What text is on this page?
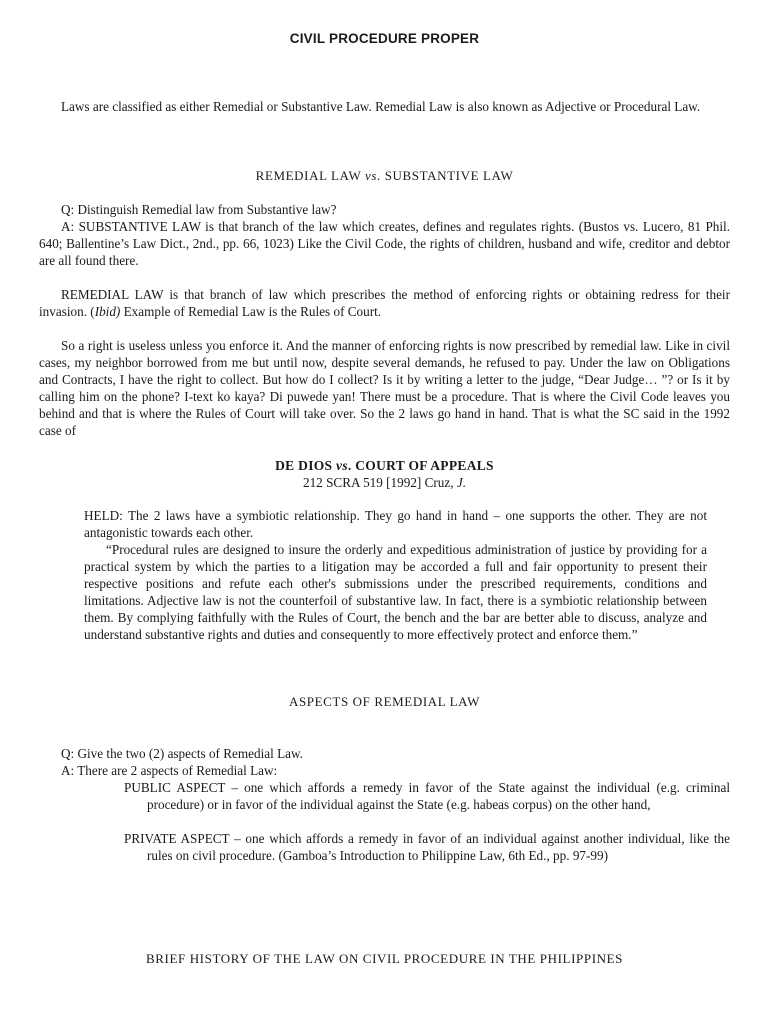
CIVIL PROCEDURE PROPER

Laws are classified as either Remedial or Substantive Law. Remedial Law is also known as Adjective or Procedural Law.

REMEDIAL LAW vs. SUBSTANTIVE LAW

Q: Distinguish Remedial law from Substantive law?

A: SUBSTANTIVE LAW is that branch of the law which creates, defines and regulates rights. (Bustos vs. Lucero, 81 Phil. 640; Ballentine’s Law Dict., 2nd., pp. 66, 1023) Like the Civil Code, the rights of children, husband and wife, creditor and debtor are all found there.

REMEDIAL LAW is that branch of law which prescribes the method of enforcing rights or obtaining redress for their invasion. (Ibid) Example of Remedial Law is the Rules of Court.

So a right is useless unless you enforce it. And the manner of enforcing rights is now prescribed by remedial law. Like in civil cases, my neighbor borrowed from me but until now, despite several demands, he refused to pay. Under the law on Obligations and Contracts, I have the right to collect. But how do I collect? Is it by writing a letter to the judge, “Dear Judge… ”? or Is it by calling him on the phone? I-text ko kaya? Di puwede yan! There must be a procedure. That is where the Civil Code leaves you behind and that is where the Rules of Court will take over. So the 2 laws go hand in hand. That is what the SC said in the 1992 case of

DE DIOS vs. COURT OF APPEALS
212 SCRA 519 [1992] Cruz, J.

HELD: The 2 laws have a symbiotic relationship. They go hand in hand – one supports the other. They are not antagonistic towards each other.

“Procedural rules are designed to insure the orderly and expeditious administration of justice by providing for a practical system by which the parties to a litigation may be accorded a full and fair opportunity to present their respective positions and refute each other's submissions under the prescribed requirements, conditions and limitations. Adjective law is not the counterfoil of substantive law. In fact, there is a symbiotic relationship between them. By complying faithfully with the Rules of Court, the bench and the bar are better able to discuss, analyze and understand substantive rights and duties and consequently to more effectively protect and enforce them.”

ASPECTS OF REMEDIAL LAW

Q: Give the two (2) aspects of Remedial Law.

A: There are 2 aspects of Remedial Law:

PUBLIC ASPECT – one which affords a remedy in favor of the State against the individual (e.g. criminal procedure) or in favor of the individual against the State (e.g. habeas corpus) on the other hand,

PRIVATE ASPECT – one which affords a remedy in favor of an individual against another individual, like the rules on civil procedure. (Gamboa’s Introduction to Philippine Law, 6th Ed., pp. 97-99)

BRIEF HISTORY OF THE LAW ON CIVIL PROCEDURE IN THE PHILIPPINES
